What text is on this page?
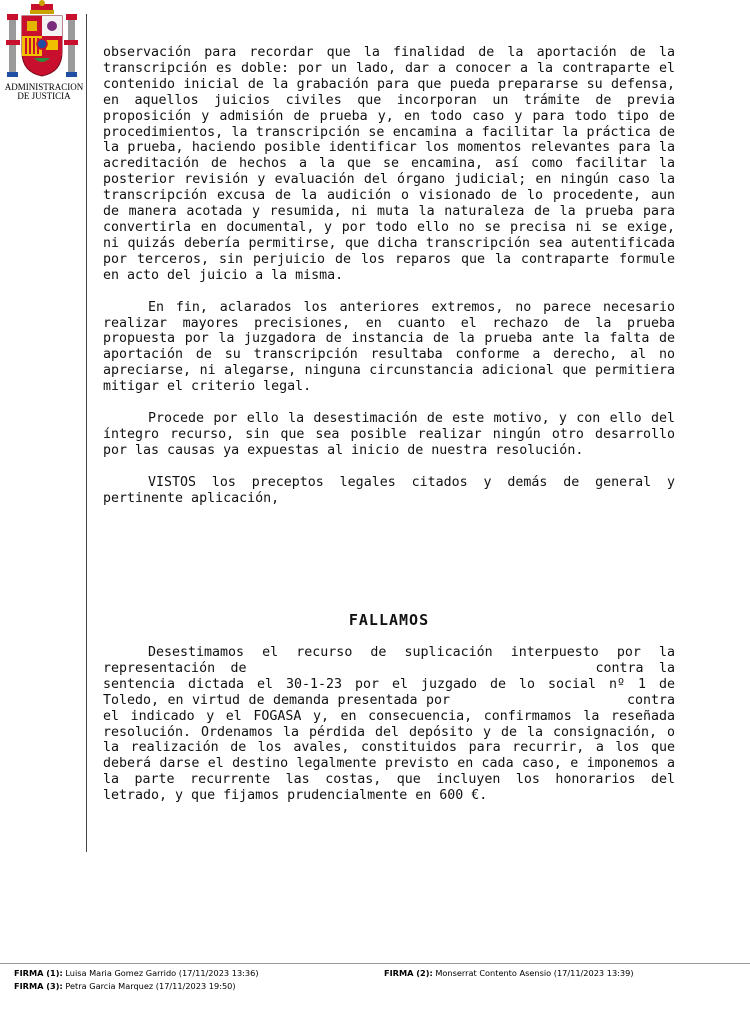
ADMINISTRACION
DE JUSTICIA

observación para recordar que la finalidad de la aportación de la transcripción es doble: por un lado, dar a conocer a la contraparte el contenido inicial de la grabación para que pueda prepararse su defensa, en aquellos juicios civiles que incorporan un trámite de previa proposición y admisión de prueba y, en todo caso y para todo tipo de procedimientos, la transcripción se encamina a facilitar la práctica de la prueba, haciendo posible identificar los momentos relevantes para la acreditación de hechos a la que se encamina, así como facilitar la posterior revisión y evaluación del órgano judicial; en ningún caso la transcripción excusa de la audición o visionado de lo procedente, aun de manera acotada y resumida, ni muta la naturaleza de la prueba para convertirla en documental, y por todo ello no se precisa ni se exige, ni quizás debería permitirse, que dicha transcripción sea autentificada por terceros, sin perjuicio de los reparos que la contraparte formule en acto del juicio a la misma.

En fin, aclarados los anteriores extremos, no parece necesario realizar mayores precisiones, en cuanto el rechazo de la prueba propuesta por la juzgadora de instancia de la prueba ante la falta de aportación de su transcripción resultaba conforme a derecho, al no apreciarse, ni alegarse, ninguna circunstancia adicional que permitiera mitigar el criterio legal.

Procede por ello la desestimación de este motivo, y con ello del íntegro recurso, sin que sea posible realizar ningún otro desarrollo por las causas ya expuestas al inicio de nuestra resolución.

VISTOS los preceptos legales citados y demás de general y pertinente aplicación,

FALLAMOS

Desestimamos el recurso de suplicación interpuesto por la representación de	contra la sentencia dictada el 30-1-23 por el juzgado de lo social nº 1 de Toledo, en virtud de demanda presentada por	contra el indicado y el FOGASA y, en consecuencia, confirmamos la reseñada resolución. Ordenamos la pérdida del depósito y de la consignación, o la realización de los avales, constituidos para recurrir, a los que deberá darse el destino legalmente previsto en cada caso, e imponemos a la parte recurrente las costas, que incluyen los honorarios del letrado, y que fijamos prudencialmente en 600 €.

FIRMA (1): Luisa Maria Gomez Garrido (17/11/2023 13:36)	FIRMA (2): Monserrat Contento Asensio (17/11/2023 13:39)
FIRMA (3): Petra Garcia Marquez (17/11/2023 19:50)
